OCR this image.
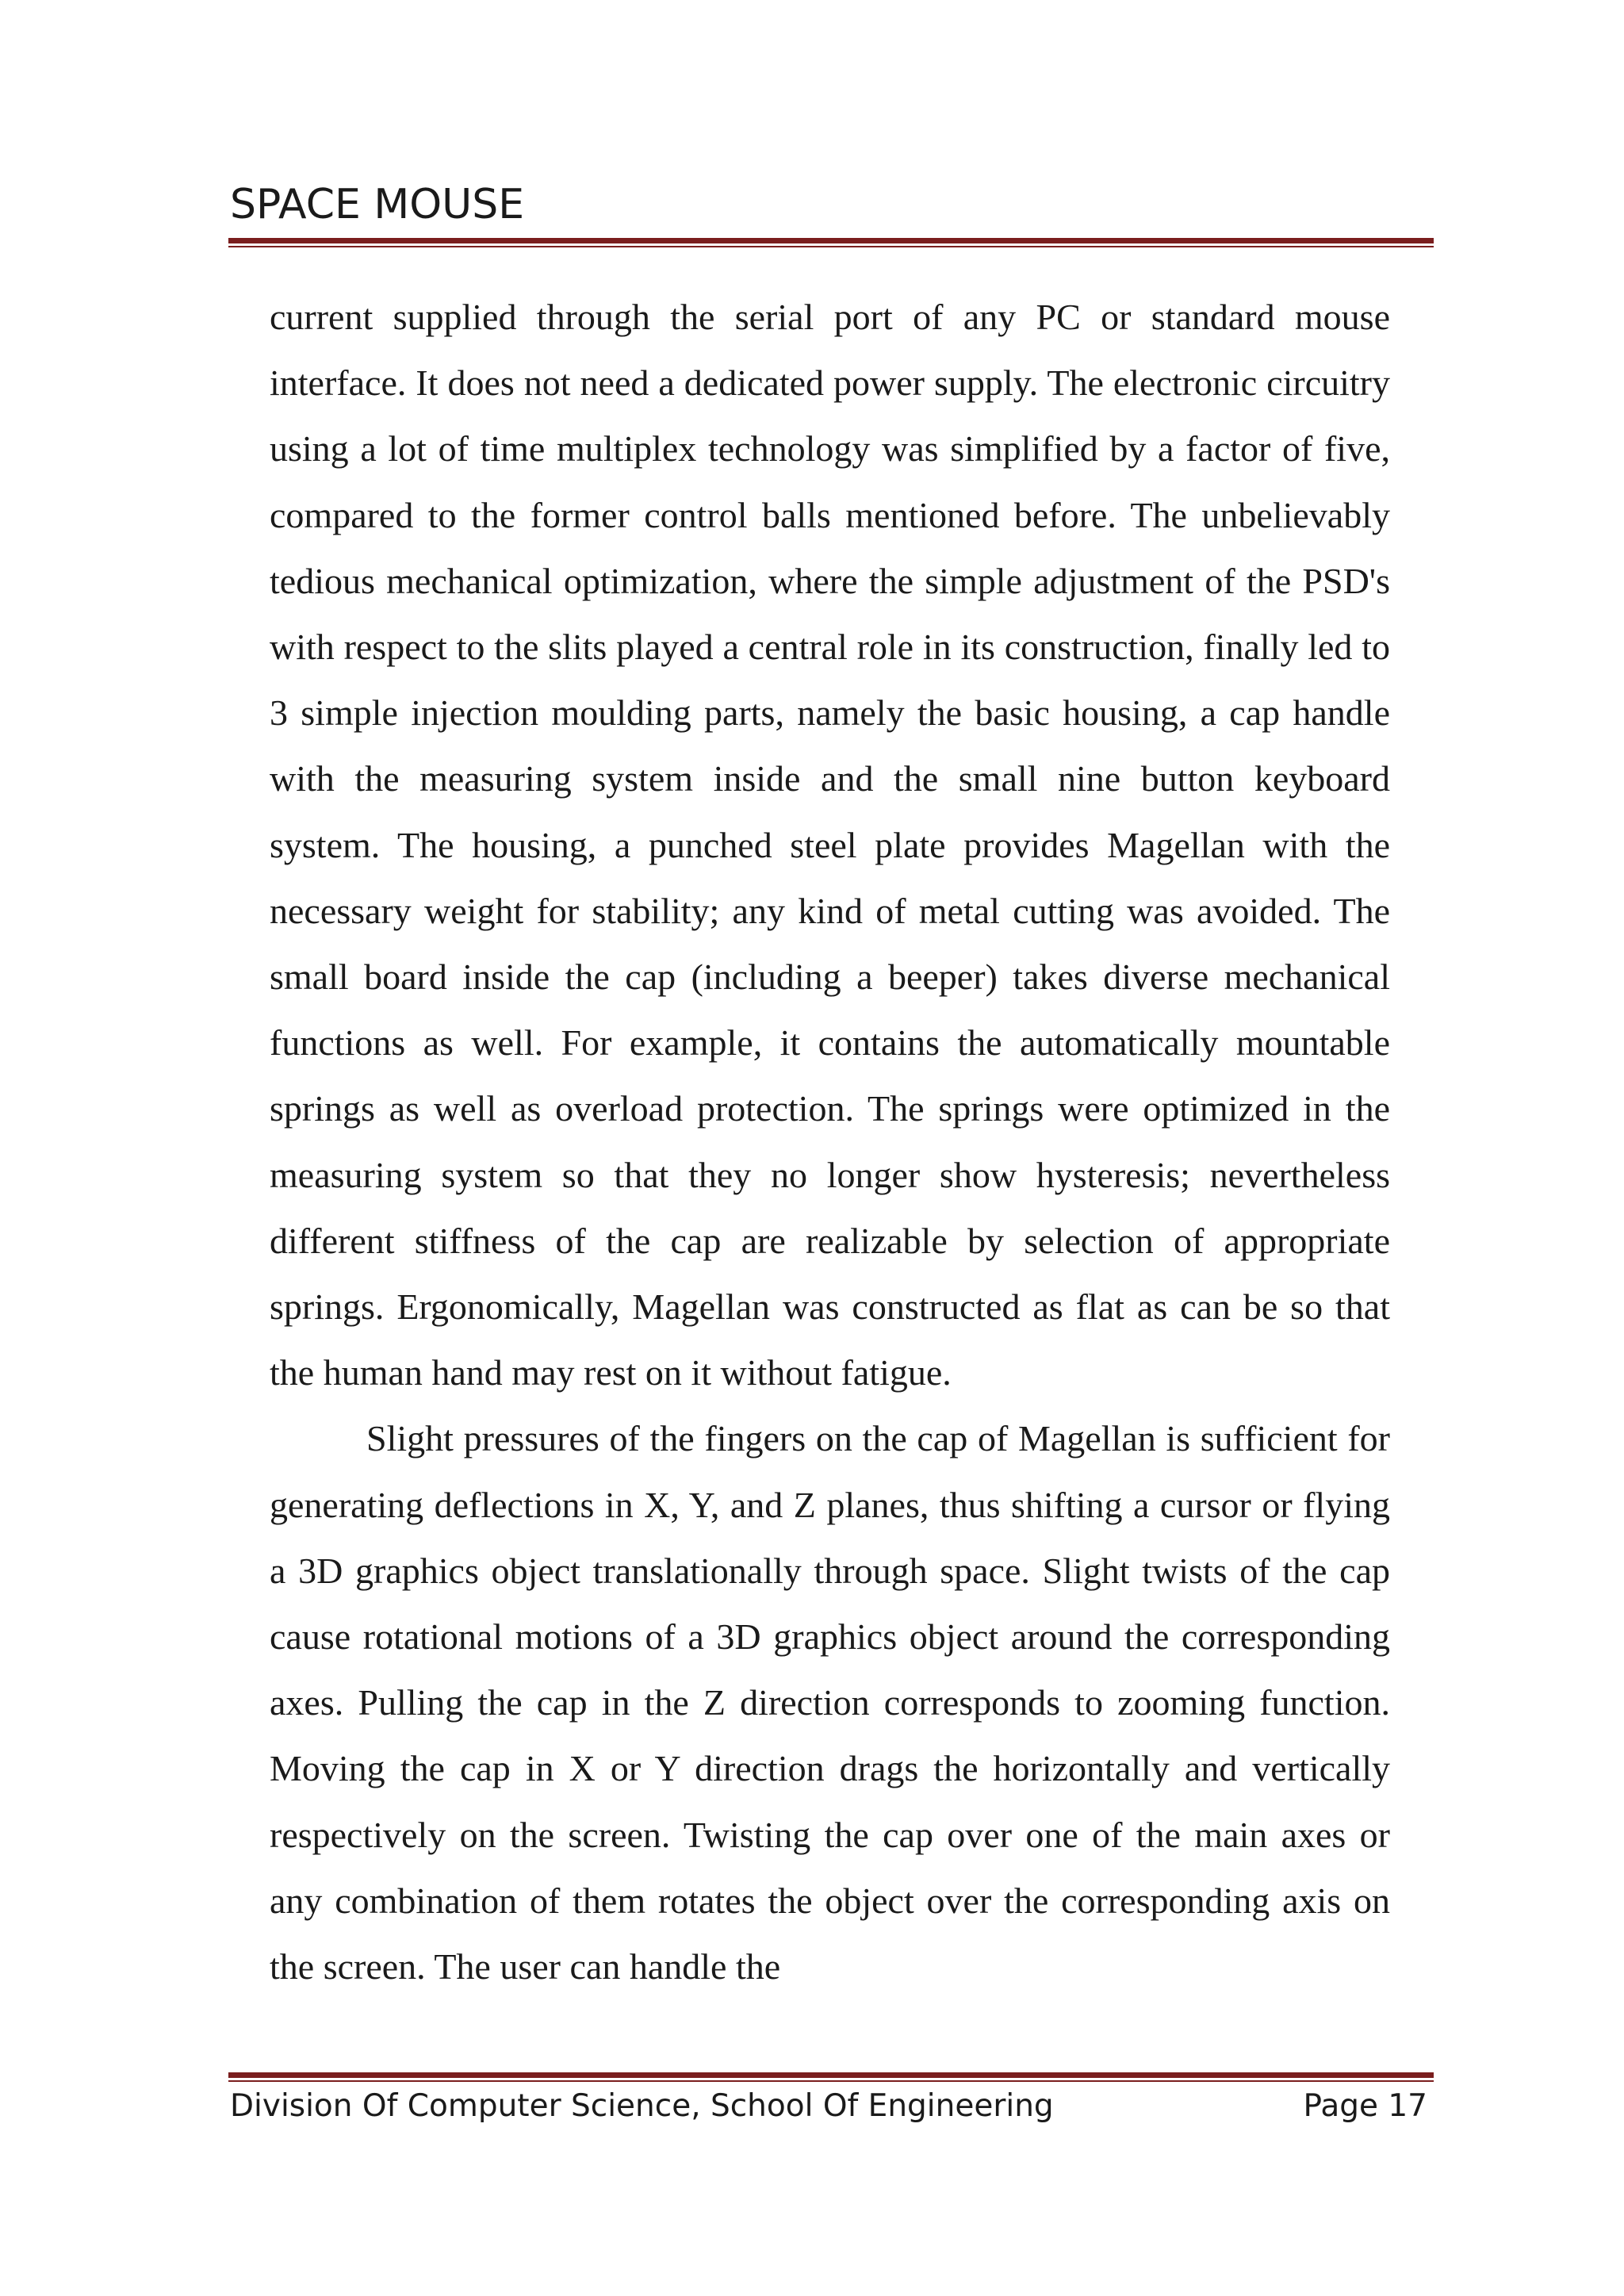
SPACE MOUSE

current supplied through the serial port of any PC or standard mouse interface. It does not need a dedicated power supply. The electronic circuitry using a lot of time multiplex technology was simplified by a factor of five, compared to the former control balls mentioned before. The unbelievably tedious mechanical optimization, where the simple adjustment of the PSD's with respect to the slits played a central role in its construction, finally led to 3 simple injection moulding parts, namely the basic housing, a cap handle with the measuring system inside and the small nine button keyboard system. The housing, a punched steel plate provides Magellan with the necessary weight for stability; any kind of metal cutting was avoided. The small board inside the cap (including a beeper) takes diverse mechanical functions as well. For example, it contains the automatically mountable springs as well as overload protection. The springs were optimized in the measuring system so that they no longer show hysteresis; nevertheless different stiffness of the cap are realizable by selection of appropriate springs. Ergonomically, Magellan was constructed as flat as can be so that the human hand may rest on it without fatigue.

Slight pressures of the fingers on the cap of Magellan is sufficient for generating deflections in X, Y, and Z planes, thus shifting a cursor or flying a 3D graphics object translationally through space. Slight twists of the cap cause rotational motions of a 3D graphics object around the corresponding axes. Pulling the cap in the Z direction corresponds to zooming function. Moving the cap in X or Y direction drags the horizontally and vertically respectively on the screen. Twisting the cap over one of the main axes or any combination of them rotates the object over the corresponding axis on the screen. The user can handle the

Division Of Computer Science, School Of Engineering	Page 17
